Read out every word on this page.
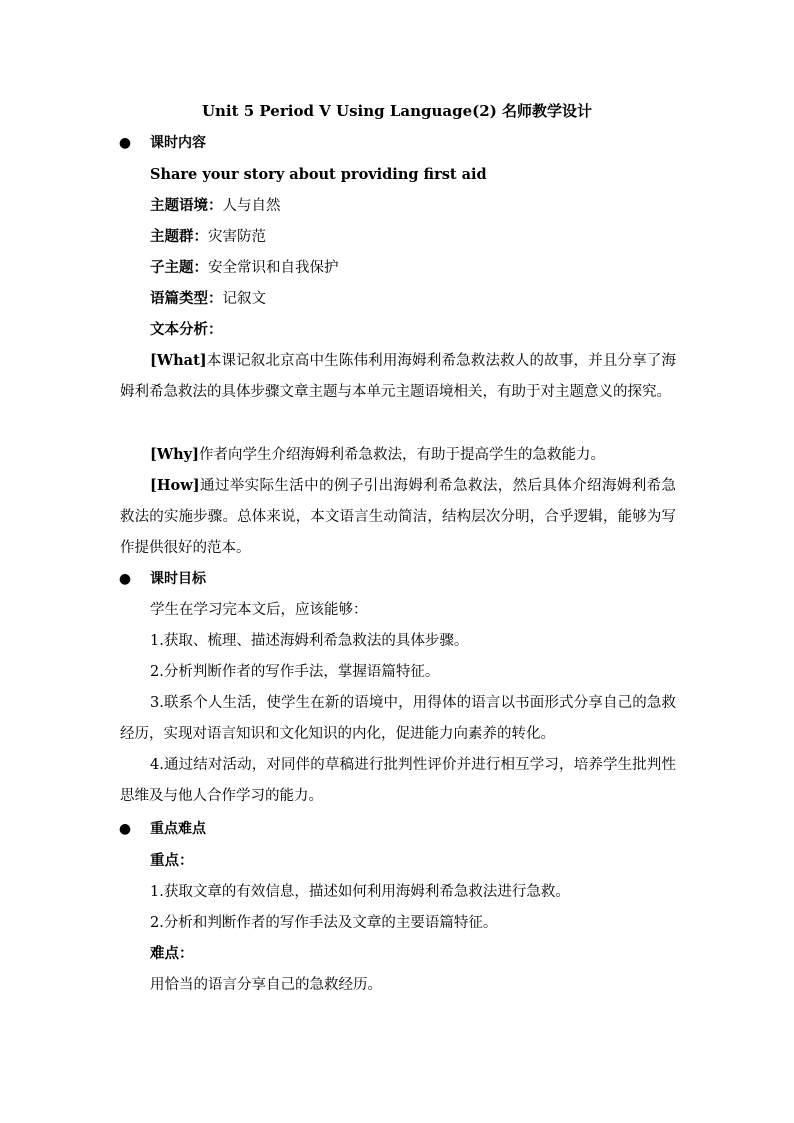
Unit 5 Period Ⅴ Using Language(2) 名师教学设计
● 课时内容
Share your story about providing first aid
主题语境：人与自然
主题群：灾害防范
子主题：安全常识和自我保护
语篇类型：记叙文
文本分析：

[What]本课记叙北京高中生陈伟利用海姆利希急救法救人的故事，并且分享了海姆利希急救法的具体步骤文章主题与本单元主题语境相关，有助于对主题意义的探究。

[Why]作者向学生介绍海姆利希急救法，有助于提高学生的急救能力。

[How]通过举实际生活中的例子引出海姆利希急救法，然后具体介绍海姆利希急救法的实施步骤。总体来说，本文语言生动简洁，结构层次分明，合乎逻辑，能够为写作提供很好的范本。

● 课时目标
学生在学习完本文后，应该能够：
1.获取、梳理、描述海姆利希急救法的具体步骤。
2.分析判断作者的写作手法，掌握语篇特征。

3.联系个人生活，使学生在新的语境中，用得体的语言以书面形式分享自己的急救经历，实现对语言知识和文化知识的内化，促进能力向素养的转化。

4.通过结对活动，对同伴的草稿进行批判性评价并进行相互学习，培养学生批判性思维及与他人合作学习的能力。

● 重点难点
重点：
1.获取文章的有效信息，描述如何利用海姆利希急救法进行急救。
2.分析和判断作者的写作手法及文章的主要语篇特征。
难点：
用恰当的语言分享自己的急救经历。
